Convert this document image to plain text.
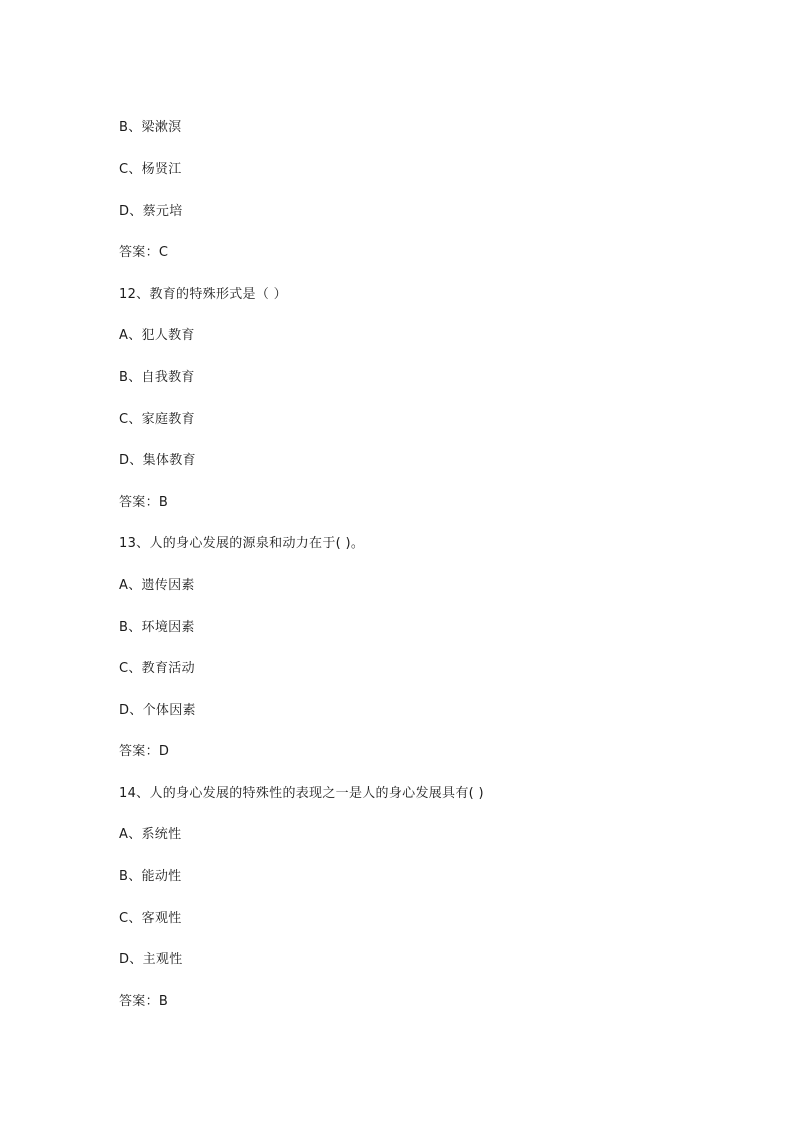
B、梁漱溟
C、杨贤江
D、蔡元培
答案：C
12、教育的特殊形式是（ ）
A、犯人教育
B、自我教育
C、家庭教育
D、集体教育
答案：B
13、人的身心发展的源泉和动力在于( )。
A、遗传因素
B、环境因素
C、教育活动
D、个体因素
答案：D
14、人的身心发展的特殊性的表现之一是人的身心发展具有( )
A、系统性
B、能动性
C、客观性
D、主观性
答案：B
